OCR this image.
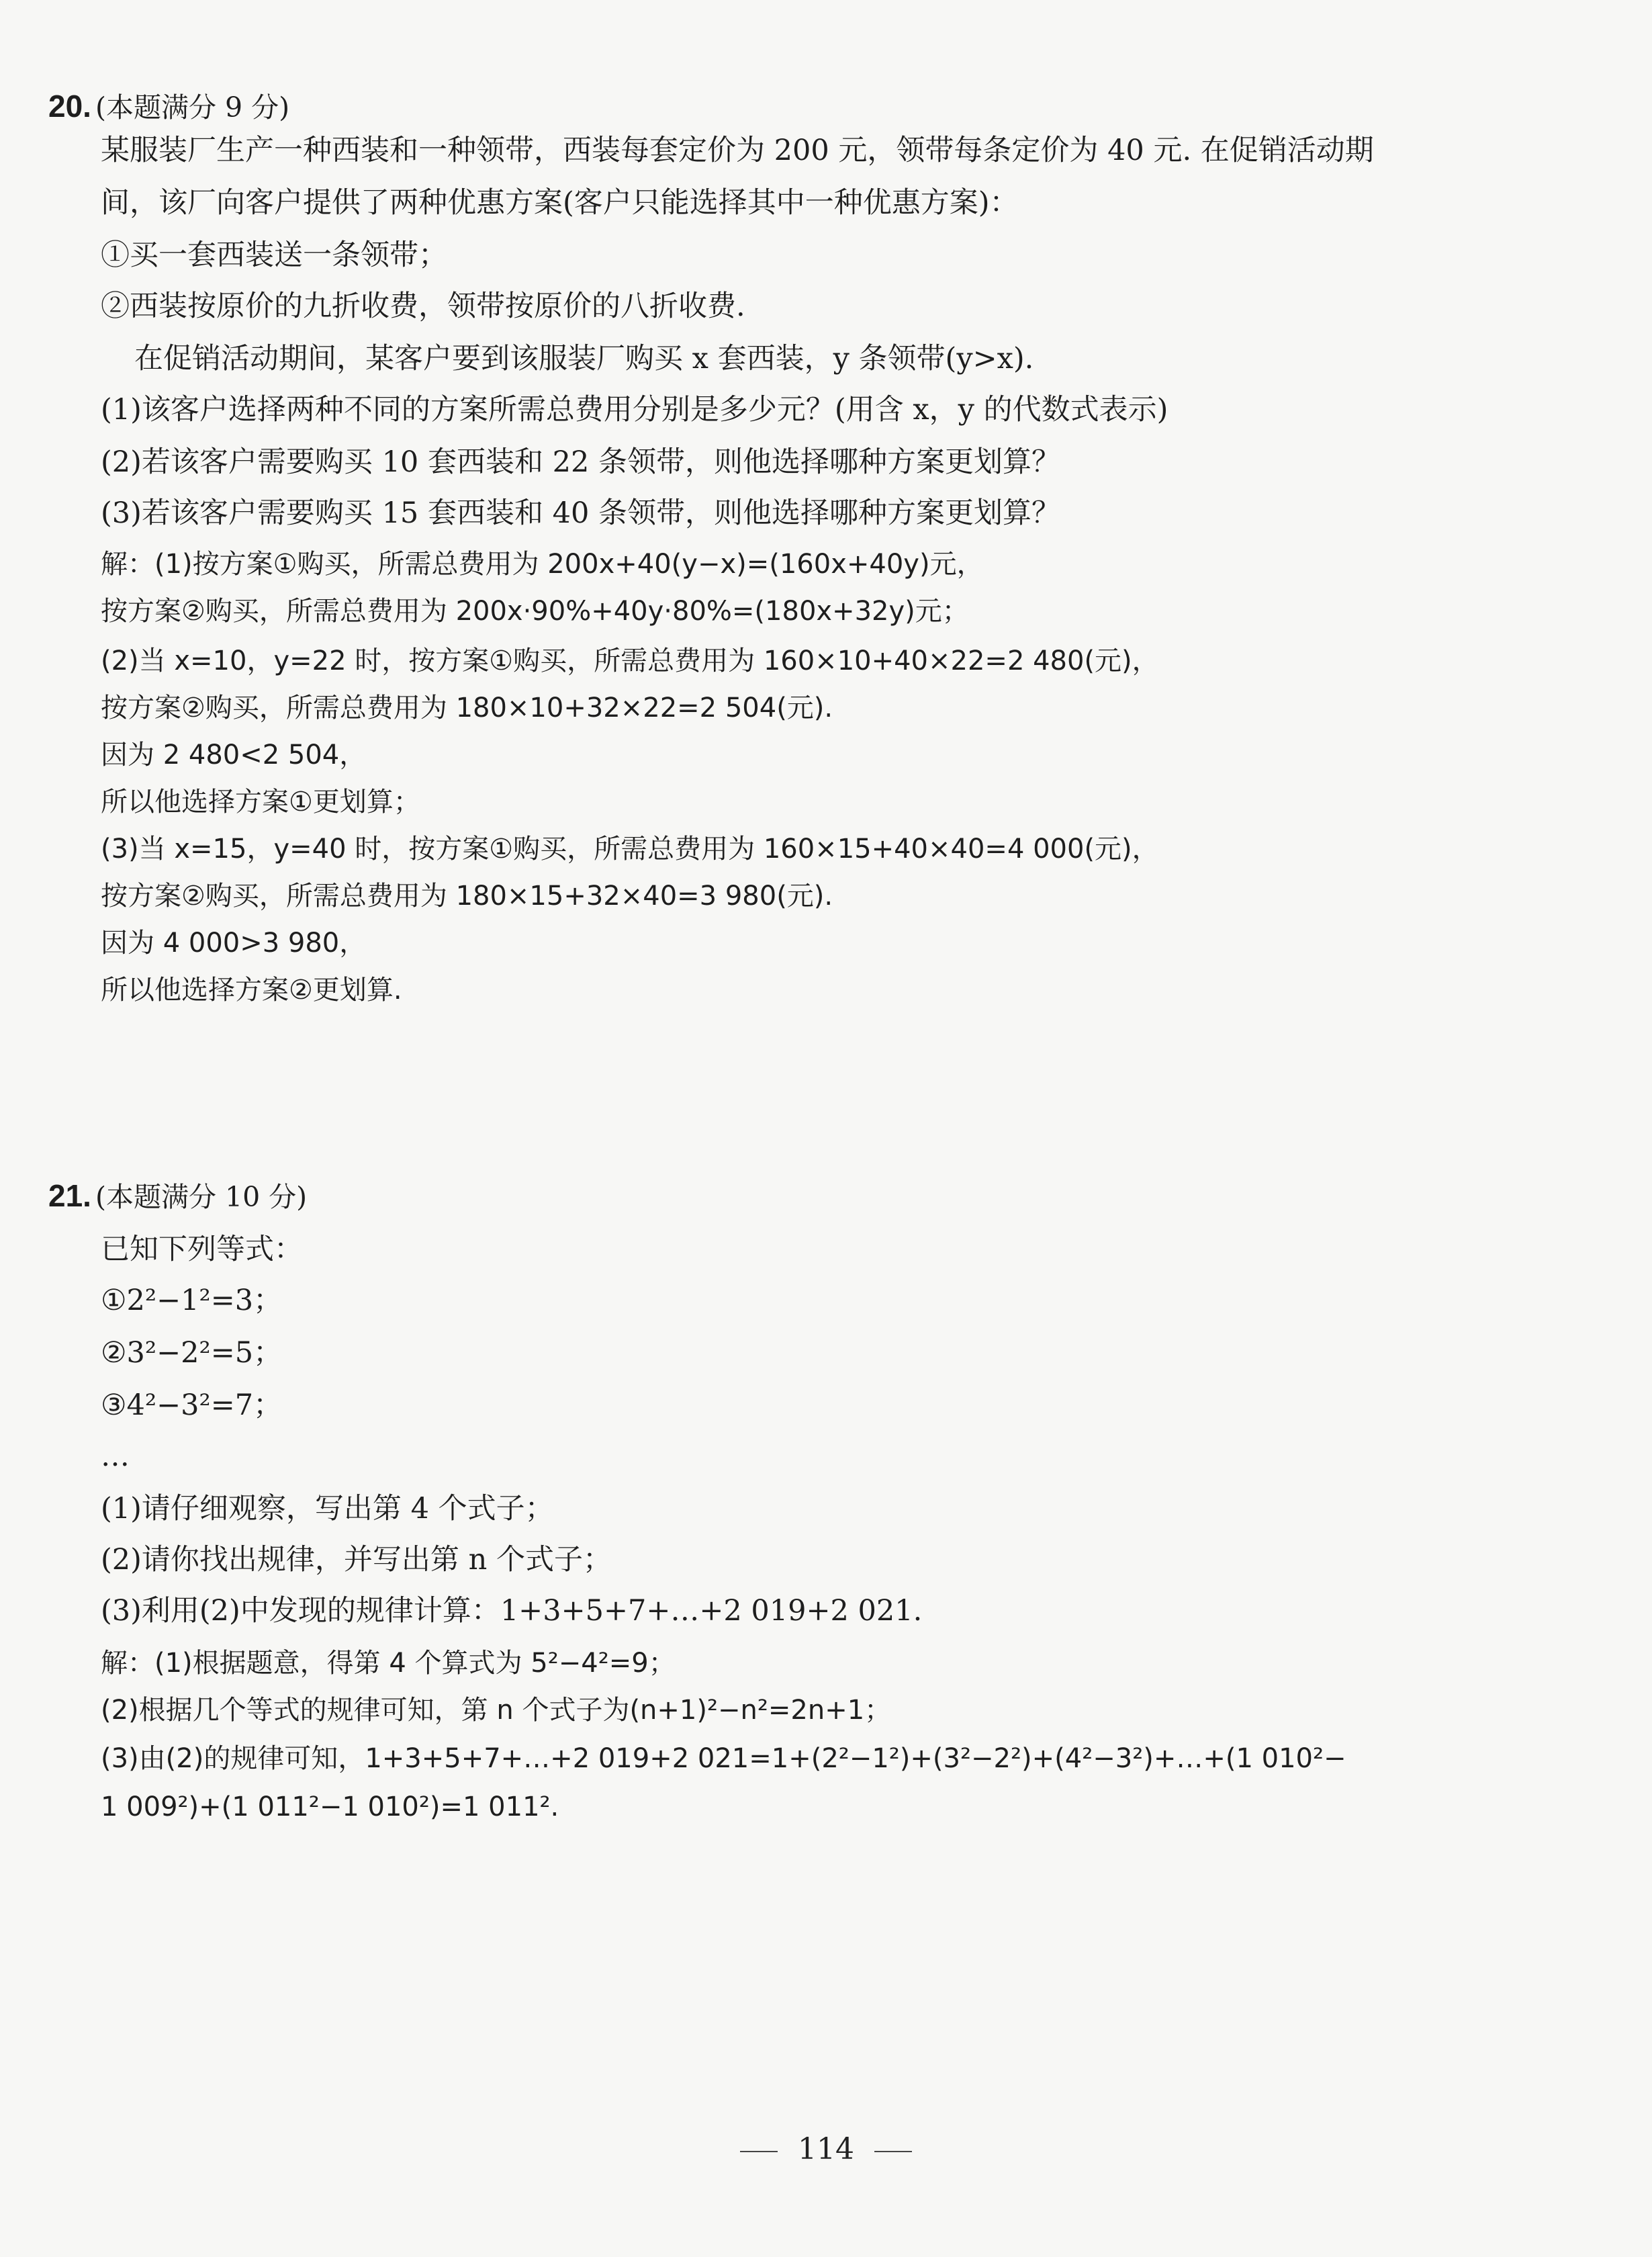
20. (本题满分 9 分)
某服装厂生产一种西装和一种领带，西装每套定价为 200 元，领带每条定价为 40 元. 在促销活动期
间，该厂向客户提供了两种优惠方案(客户只能选择其中一种优惠方案)：
①买一套西装送一条领带；
②西装按原价的九折收费，领带按原价的八折收费.
在促销活动期间，某客户要到该服装厂购买 x 套西装，y 条领带(y>x).
(1)该客户选择两种不同的方案所需总费用分别是多少元？(用含 x，y 的代数式表示)
(2)若该客户需要购买 10 套西装和 22 条领带，则他选择哪种方案更划算？
(3)若该客户需要购买 15 套西装和 40 条领带，则他选择哪种方案更划算？
解：(1)按方案①购买，所需总费用为 200x+40(y−x)=(160x+40y)元，
按方案②购买，所需总费用为 200x·90%+40y·80%=(180x+32y)元；
(2)当 x=10，y=22 时，按方案①购买，所需总费用为 160×10+40×22=2 480(元)，
按方案②购买，所需总费用为 180×10+32×22=2 504(元).
因为 2 480<2 504，
所以他选择方案①更划算；
(3)当 x=15，y=40 时，按方案①购买，所需总费用为 160×15+40×40=4 000(元)，
按方案②购买，所需总费用为 180×15+32×40=3 980(元).
因为 4 000>3 980，
所以他选择方案②更划算.
21. (本题满分 10 分)
已知下列等式：
①2²−1²=3；
②3²−2²=5；
③4²−3²=7；
…
(1)请仔细观察，写出第 4 个式子；
(2)请你找出规律，并写出第 n 个式子；
(3)利用(2)中发现的规律计算：1+3+5+7+…+2 019+2 021.
解：(1)根据题意，得第 4 个算式为 5²−4²=9；
(2)根据几个等式的规律可知，第 n 个式子为(n+1)²−n²=2n+1；
(3)由(2)的规律可知，1+3+5+7+…+2 019+2 021=1+(2²−1²)+(3²−2²)+(4²−3²)+…+(1 010²−
1 009²)+(1 011²−1 010²)=1 011².
114
